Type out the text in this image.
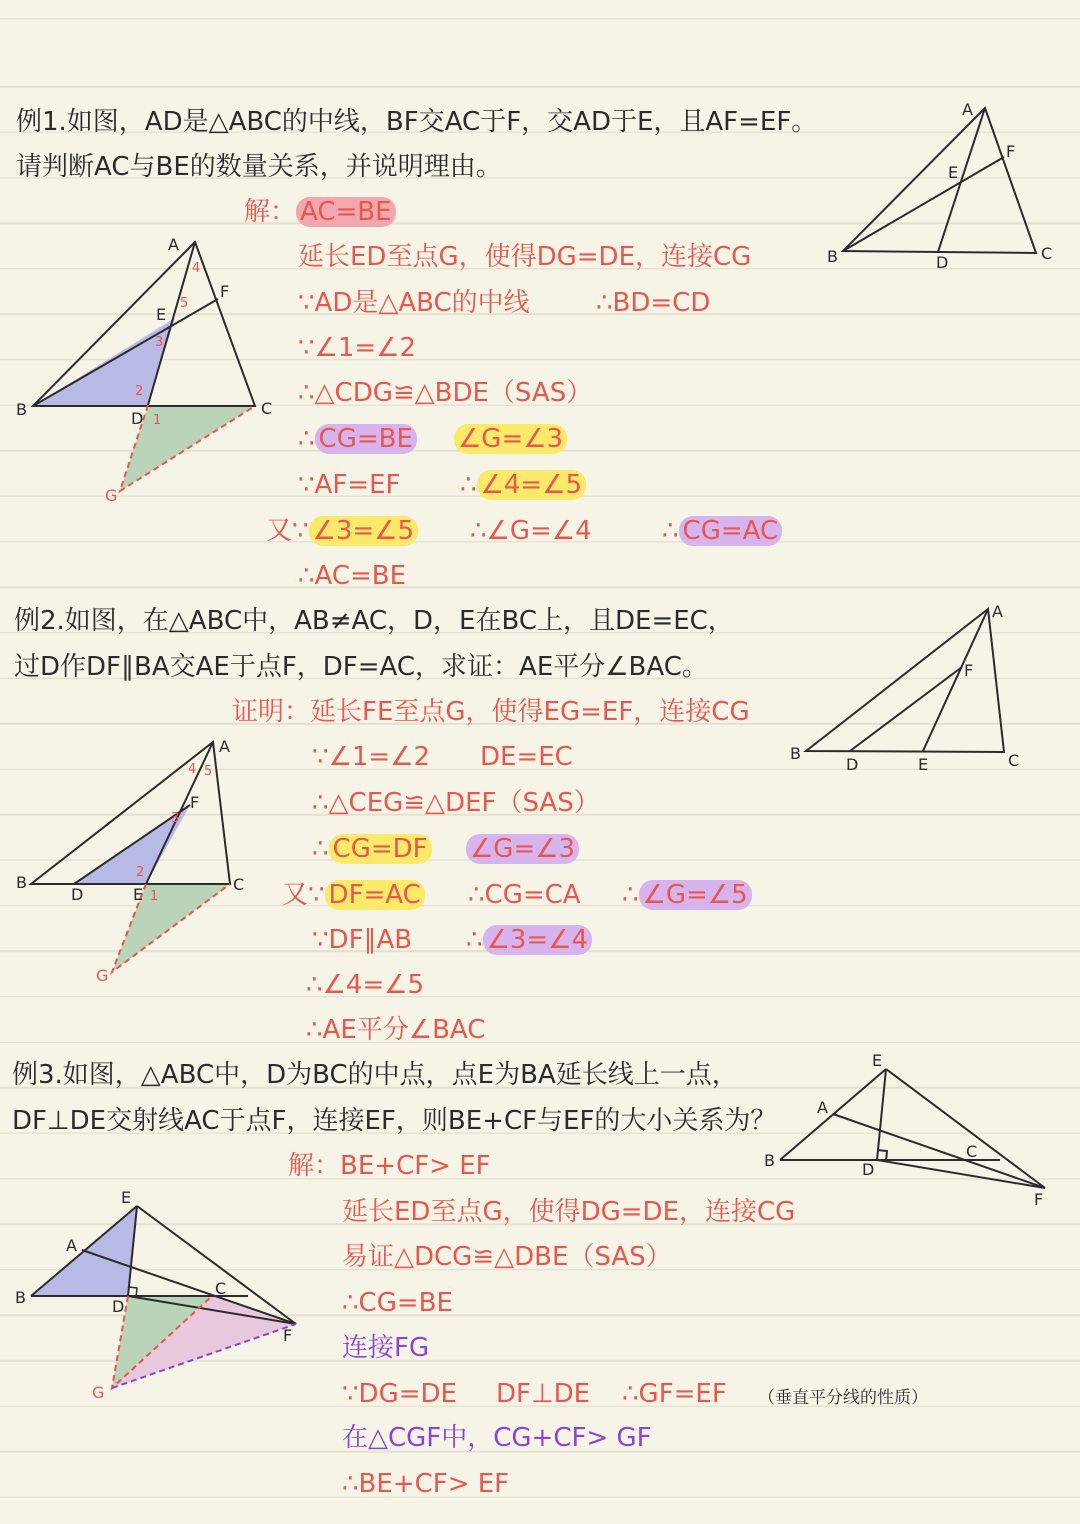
例1.如图，AD是△ABC的中线，BF交AC于F，交AD于E，且AF=EF。
请判断AC与BE的数量关系，并说明理由。
解： AC=BE
延长ED至点G，使得DG=DE，连接CG
∵AD是△ABC的中线	∴BD=CD
∵∠1=∠2
∴△CDG≌△BDE（SAS）
∴ CG=BE ∠G=∠3
∵AF=EF ∴ ∠4=∠5
又∵ ∠3=∠5 ∴∠G=∠4	∴ CG=AC
∴AC=BE
例2.如图，在△ABC中，AB≠AC，D，E在BC上，且DE=EC，
过D作DF∥BA交AE于点F，DF=AC，求证：AE平分∠BAC。
证明：延长FE至点G，使得EG=EF，连接CG
∵∠1=∠2 DE=EC
∴△CEG≌△DEF（SAS）
∴ CG=DF ∠G=∠3
又∵ DF=AC ∴CG=CA ∴ ∠G=∠5
∵DF∥AB ∴ ∠3=∠4
∴∠4=∠5
∴AE平分∠BAC
例3.如图，△ABC中，D为BC的中点，点E为BA延长线上一点，
DF⊥DE交射线AC于点F，连接EF，则BE+CF与EF的大小关系为？
解：BE+CF> EF
延长ED至点G，使得DG=DE，连接CG
易证△DCG≌△DBE（SAS）
∴CG=BE
连接FG
∵DG=DE DF⊥DE ∴GF=EF （垂直平分线的性质）
在△CGF中，CG+CF> GF
∴BE+CF> EF
A
F
E
B	D	C
A
F
E
B	D
C
G
4
5
3
2
1
A
F
B
D	E	C
A
F
B
D	E
C
G
4 5
3
2
1
E
A
B	D
C
F
E
A
B	D
C
F
G
